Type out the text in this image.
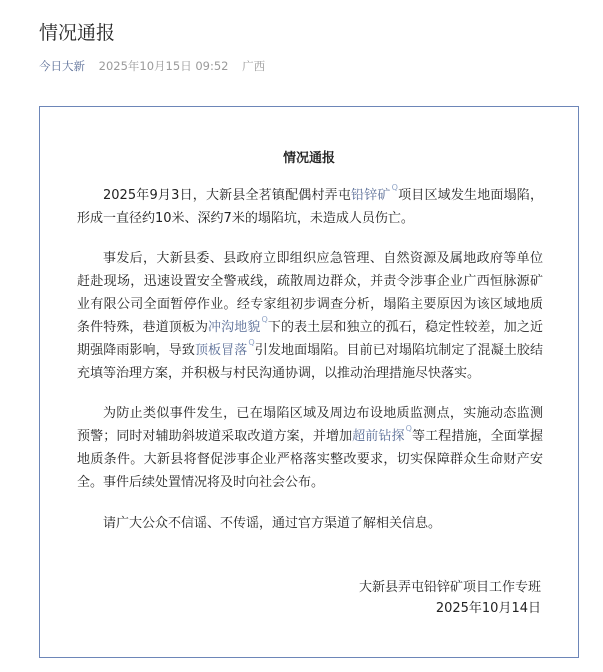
情况通报
今日大新 2025年10月15日 09:52 广西
情况通报

2025年9月3日，大新县全茗镇配偶村弄屯铅锌矿Q项目区域发生地面塌陷，形成一直径约10米、深约7米的塌陷坑，未造成人员伤亡。

事发后，大新县委、县政府立即组织应急管理、自然资源及属地政府等单位赶赴现场，迅速设置安全警戒线，疏散周边群众，并责令涉事企业广西恒脉源矿业有限公司全面暂停作业。经专家组初步调查分析，塌陷主要原因为该区域地质条件特殊，巷道顶板为冲沟地貌Q下的表土层和独立的孤石，稳定性较差，加之近期强降雨影响，导致顶板冒落Q引发地面塌陷。目前已对塌陷坑制定了混凝土胶结充填等治理方案，并积极与村民沟通协调，以推动治理措施尽快落实。

为防止类似事件发生，已在塌陷区域及周边布设地质监测点，实施动态监测预警；同时对辅助斜坡道采取改道方案，并增加超前钻探Q等工程措施，全面掌握地质条件。大新县将督促涉事企业严格落实整改要求，切实保障群众生命财产安全。事件后续处置情况将及时向社会公布。

请广大公众不信谣、不传谣，通过官方渠道了解相关信息。

大新县弄屯铅锌矿项目工作专班
2025年10月14日
